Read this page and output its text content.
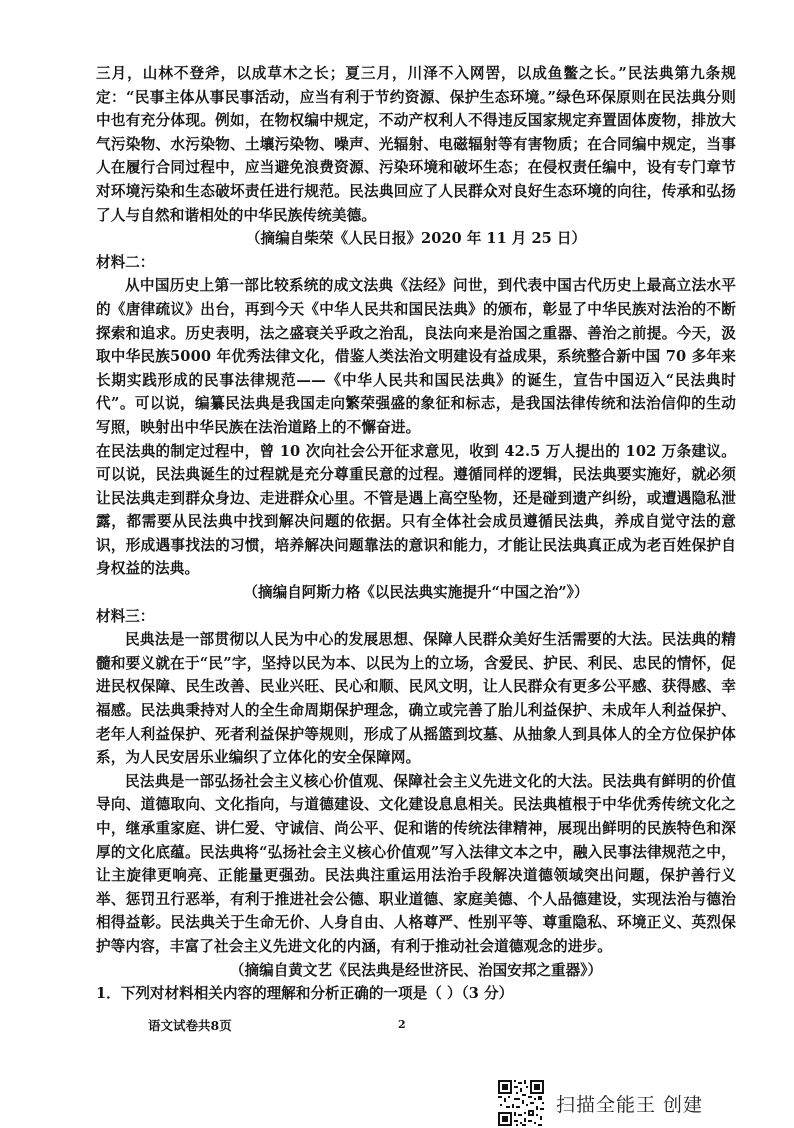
三月，山林不登斧，以成草木之长；夏三月，川泽不入网罟，以成鱼鳖之长。”民法典第九条规定：“民事主体从事民事活动，应当有利于节约资源、保护生态环境。”绿色环保原则在民法典分则中也有充分体现。例如，在物权编中规定，不动产权利人不得违反国家规定弃置固体废物，排放大气污染物、水污染物、土壤污染物、噪声、光辐射、电磁辐射等有害物质；在合同编中规定，当事人在履行合同过程中，应当避免浪费资源、污染环境和破坏生态；在侵权责任编中，设有专门章节对环境污染和生态破坏责任进行规范。民法典回应了人民群众对良好生态环境的向往，传承和弘扬了人与自然和谐相处的中华民族传统美德。

（摘编自柴荣《人民日报》2020 年 11 月 25 日）

材料二：

从中国历史上第一部比较系统的成文法典《法经》问世，到代表中国古代历史上最高立法水平的《唐律疏议》出台，再到今天《中华人民共和国民法典》的颁布，彰显了中华民族对法治的不断探索和追求。历史表明，法之盛衰关乎政之治乱，良法向来是治国之重器、善治之前提。今天，汲取中华民族5000 年优秀法律文化，借鉴人类法治文明建设有益成果，系统整合新中国 70 多年来长期实践形成的民事法律规范——《中华人民共和国民法典》的诞生，宣告中国迈入“民法典时代”。可以说，编纂民法典是我国走向繁荣强盛的象征和标志，是我国法律传统和法治信仰的生动写照，映射出中华民族在法治道路上的不懈奋进。

在民法典的制定过程中，曾 10 次向社会公开征求意见，收到 42.5 万人提出的 102 万条建议。可以说，民法典诞生的过程就是充分尊重民意的过程。遵循同样的逻辑，民法典要实施好，就必须让民法典走到群众身边、走进群众心里。不管是遇上高空坠物，还是碰到遗产纠纷，或遭遇隐私泄露，都需要从民法典中找到解决问题的依据。只有全体社会成员遵循民法典，养成自觉守法的意识，形成遇事找法的习惯，培养解决问题靠法的意识和能力，才能让民法典真正成为老百姓保护自身权益的法典。

（摘编自阿斯力格《以民法典实施提升“中国之治”》）

材料三：

民典法是一部贯彻以人民为中心的发展思想、保障人民群众美好生活需要的大法。民法典的精髓和要义就在于“民”字，坚持以民为本、以民为上的立场，含爱民、护民、利民、忠民的情怀，促进民权保障、民生改善、民业兴旺、民心和顺、民风文明，让人民群众有更多公平感、获得感、幸福感。民法典秉持对人的全生命周期保护理念，确立或完善了胎儿利益保护、未成年人利益保护、老年人利益保护、死者利益保护等规则，形成了从摇篮到坟墓、从抽象人到具体人的全方位保护体系，为人民安居乐业编织了立体化的安全保障网。

民法典是一部弘扬社会主义核心价值观、保障社会主义先进文化的大法。民法典有鲜明的价值导向、道德取向、文化指向，与道德建设、文化建设息息相关。民法典植根于中华优秀传统文化之中，继承重家庭、讲仁爱、守诚信、尚公平、促和谐的传统法律精神，展现出鲜明的民族特色和深厚的文化底蕴。民法典将“弘扬社会主义核心价值观”写入法律文本之中，融入民事法律规范之中，让主旋律更响亮、正能量更强劲。民法典注重运用法治手段解决道德领域突出问题，保护善行义举、惩罚丑行恶举，有利于推进社会公德、职业道德、家庭美德、个人品德建设，实现法治与德治相得益彰。民法典关于生命无价、人身自由、人格尊严、性别平等、尊重隐私、环境正义、英烈保护等内容，丰富了社会主义先进文化的内涵，有利于推动社会道德观念的进步。

（摘编自黄文艺《民法典是经世济民、治国安邦之重器》）

1．下列对材料相关内容的理解和分析正确的一项是（ ）（3 分）

语文试卷共8页	2
扫描全能王 创建
